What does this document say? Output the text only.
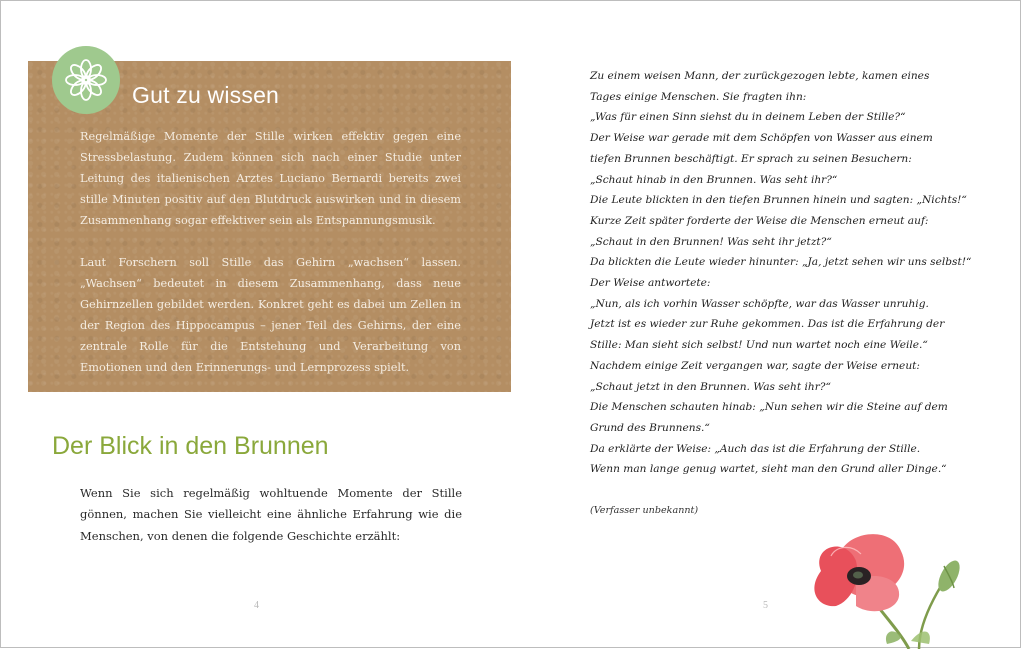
Regelmäßige Momente der Stille wirken effektiv gegen eine Stressbelastung. Zudem können sich nach einer Studie unter Leitung des italienischen Arztes Luciano Bernardi bereits zwei stille Minuten positiv auf den Blutdruck auswirken und in diesem Zusammenhang sogar effektiver sein als Entspannungsmusik.

Laut Forschern soll Stille das Gehirn „wachsen“ lassen. „Wachsen“ bedeutet in diesem Zusammenhang, dass neue Gehirnzellen gebildet werden. Konkret geht es dabei um Zellen in der Region des Hippocampus – jener Teil des Gehirns, der eine zentrale Rolle für die Entstehung und Verarbeitung von Emotionen und den Erinnerungs- und Lernprozess spielt.

Gut zu wissen
Der Blick in den Brunnen

Wenn Sie sich regelmäßig wohltuende Momente der Stille gönnen, machen Sie vielleicht eine ähnliche Erfahrung wie die Menschen, von denen die folgende Geschichte erzählt:

4
Zu einem weisen Mann, der zurückgezogen lebte, kamen eines
Tages einige Menschen. Sie fragten ihn:
„Was für einen Sinn siehst du in deinem Leben der Stille?“
Der Weise war gerade mit dem Schöpfen von Wasser aus einem
tiefen Brunnen beschäftigt. Er sprach zu seinen Besuchern:
„Schaut hinab in den Brunnen. Was seht ihr?“
Die Leute blickten in den tiefen Brunnen hinein und sagten: „Nichts!“
Kurze Zeit später forderte der Weise die Menschen erneut auf:
„Schaut in den Brunnen! Was seht ihr jetzt?“
Da blickten die Leute wieder hinunter: „Ja, jetzt sehen wir uns selbst!“
Der Weise antwortete:
„Nun, als ich vorhin Wasser schöpfte, war das Wasser unruhig.
Jetzt ist es wieder zur Ruhe gekommen. Das ist die Erfahrung der
Stille: Man sieht sich selbst! Und nun wartet noch eine Weile.“
Nachdem einige Zeit vergangen war, sagte der Weise erneut:
„Schaut jetzt in den Brunnen. Was seht ihr?“
Die Menschen schauten hinab: „Nun sehen wir die Steine auf dem
Grund des Brunnens.“
Da erklärte der Weise: „Auch das ist die Erfahrung der Stille.
Wenn man lange genug wartet, sieht man den Grund aller Dinge.“
(Verfasser unbekannt)
5
